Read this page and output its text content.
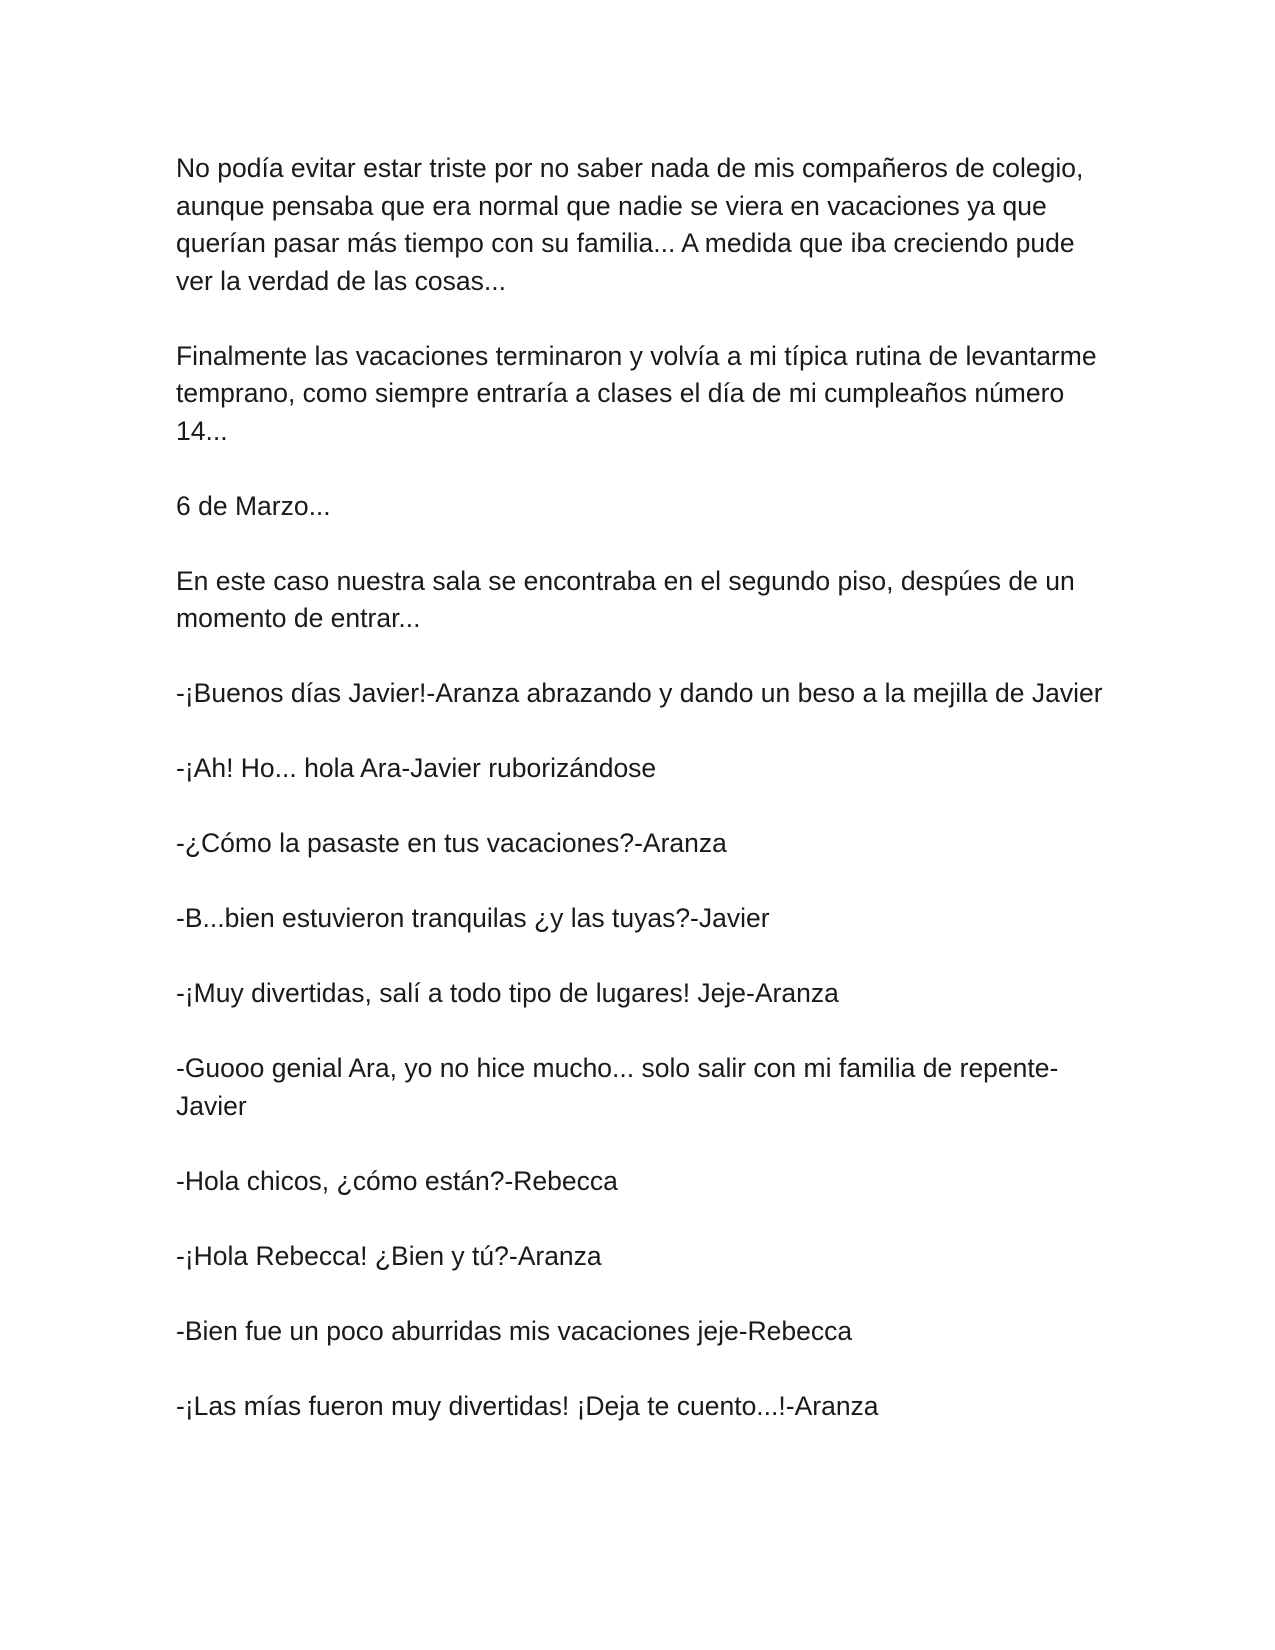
No podía evitar estar triste por no saber nada de mis compañeros de colegio, aunque pensaba que era normal que nadie se viera en vacaciones ya que querían pasar más tiempo con su familia... A medida que iba creciendo pude ver la verdad de las cosas...

Finalmente las vacaciones terminaron y volvía a mi típica rutina de levantarme temprano, como siempre entraría a clases el día de mi cumpleaños número 14...

6 de Marzo...

En este caso nuestra sala se encontraba en el segundo piso, despúes de un momento de entrar...

-¡Buenos días Javier!-Aranza abrazando y dando un beso a la mejilla de Javier

-¡Ah! Ho... hola Ara-Javier ruborizándose

-¿Cómo la pasaste en tus vacaciones?-Aranza

-B...bien estuvieron tranquilas ¿y las tuyas?-Javier

-¡Muy divertidas, salí a todo tipo de lugares! Jeje-Aranza

-Guooo genial Ara, yo no hice mucho... solo salir con mi familia de repente-Javier

-Hola chicos, ¿cómo están?-Rebecca

-¡Hola Rebecca! ¿Bien y tú?-Aranza

-Bien fue un poco aburridas mis vacaciones jeje-Rebecca

-¡Las mías fueron muy divertidas! ¡Deja te cuento...!-Aranza
